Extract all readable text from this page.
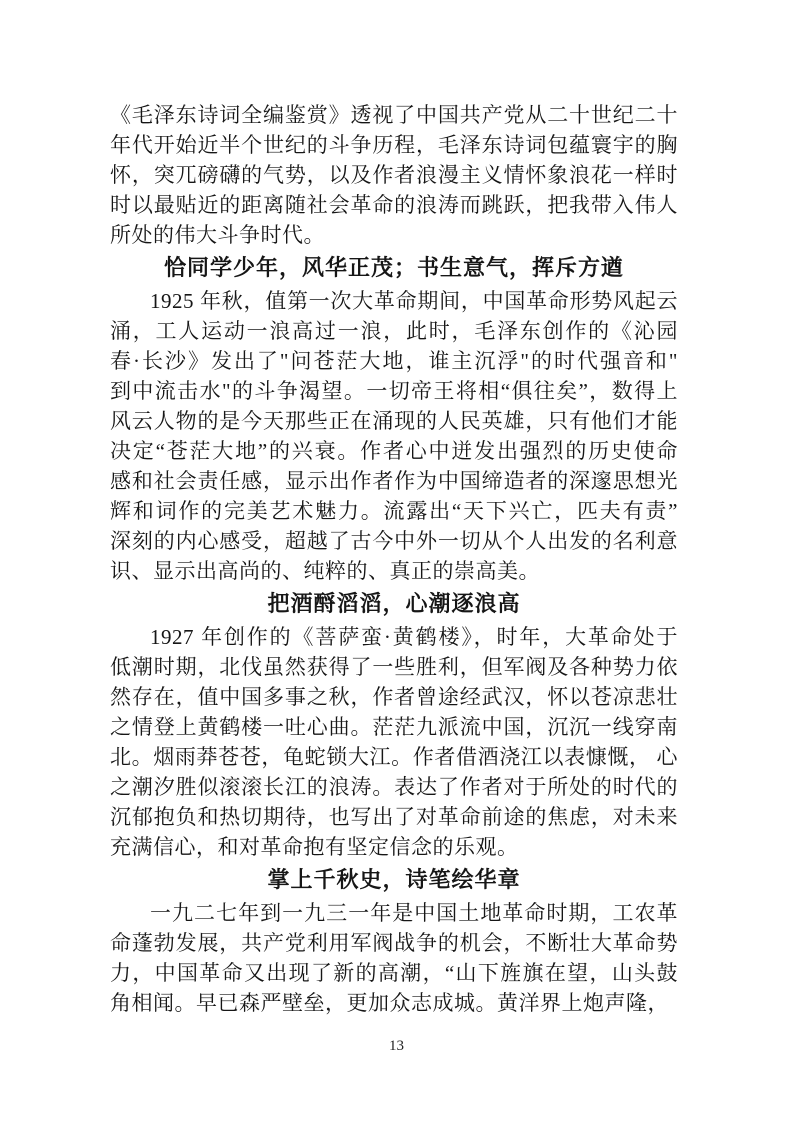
《毛泽东诗词全编鉴赏》透视了中国共产党从二十世纪二十
年代开始近半个世纪的斗争历程，毛泽东诗词包蕴寰宇的胸
怀，突兀磅礴的气势，以及作者浪漫主义情怀象浪花一样时
时以最贴近的距离随社会革命的浪涛而跳跃，把我带入伟人
所处的伟大斗争时代。
恰同学少年，风华正茂；书生意气，挥斥方遒
1925 年秋，值第一次大革命期间，中国革命形势风起云
涌，工人运动一浪高过一浪，此时，毛泽东创作的《沁园
春·长沙》发出了"问苍茫大地，谁主沉浮"的时代强音和"
到中流击水"的斗争渴望。一切帝王将相“俱往矣”，数得上
风云人物的是今天那些正在涌现的人民英雄，只有他们才能
决定“苍茫大地”的兴衰。作者心中迸发出强烈的历史使命
感和社会责任感，显示出作者作为中国缔造者的深邃思想光
辉和词作的完美艺术魅力。流露出“天下兴亡，匹夫有责”
深刻的内心感受，超越了古今中外一切从个人出发的名利意
识、显示出高尚的、纯粹的、真正的崇高美。
把酒酹滔滔，心潮逐浪高
1927 年创作的《菩萨蛮·黄鹤楼》，时年，大革命处于
低潮时期，北伐虽然获得了一些胜利，但军阀及各种势力依
然存在，值中国多事之秋，作者曾途经武汉，怀以苍凉悲壮
之情登上黄鹤楼一吐心曲。茫茫九派流中国，沉沉一线穿南
北。烟雨莽苍苍，龟蛇锁大江。作者借酒浇江以表慷慨， 心
之潮汐胜似滚滚长江的浪涛。表达了作者对于所处的时代的
沉郁抱负和热切期待，也写出了对革命前途的焦虑，对未来
充满信心，和对革命抱有坚定信念的乐观。
掌上千秋史，诗笔绘华章
一九二七年到一九三一年是中国土地革命时期，工农革
命蓬勃发展，共产党利用军阀战争的机会，不断壮大革命势
力，中国革命又出现了新的高潮，“山下旌旗在望，山头鼓
角相闻。早已森严壁垒，更加众志成城。黄洋界上炮声隆，
13
